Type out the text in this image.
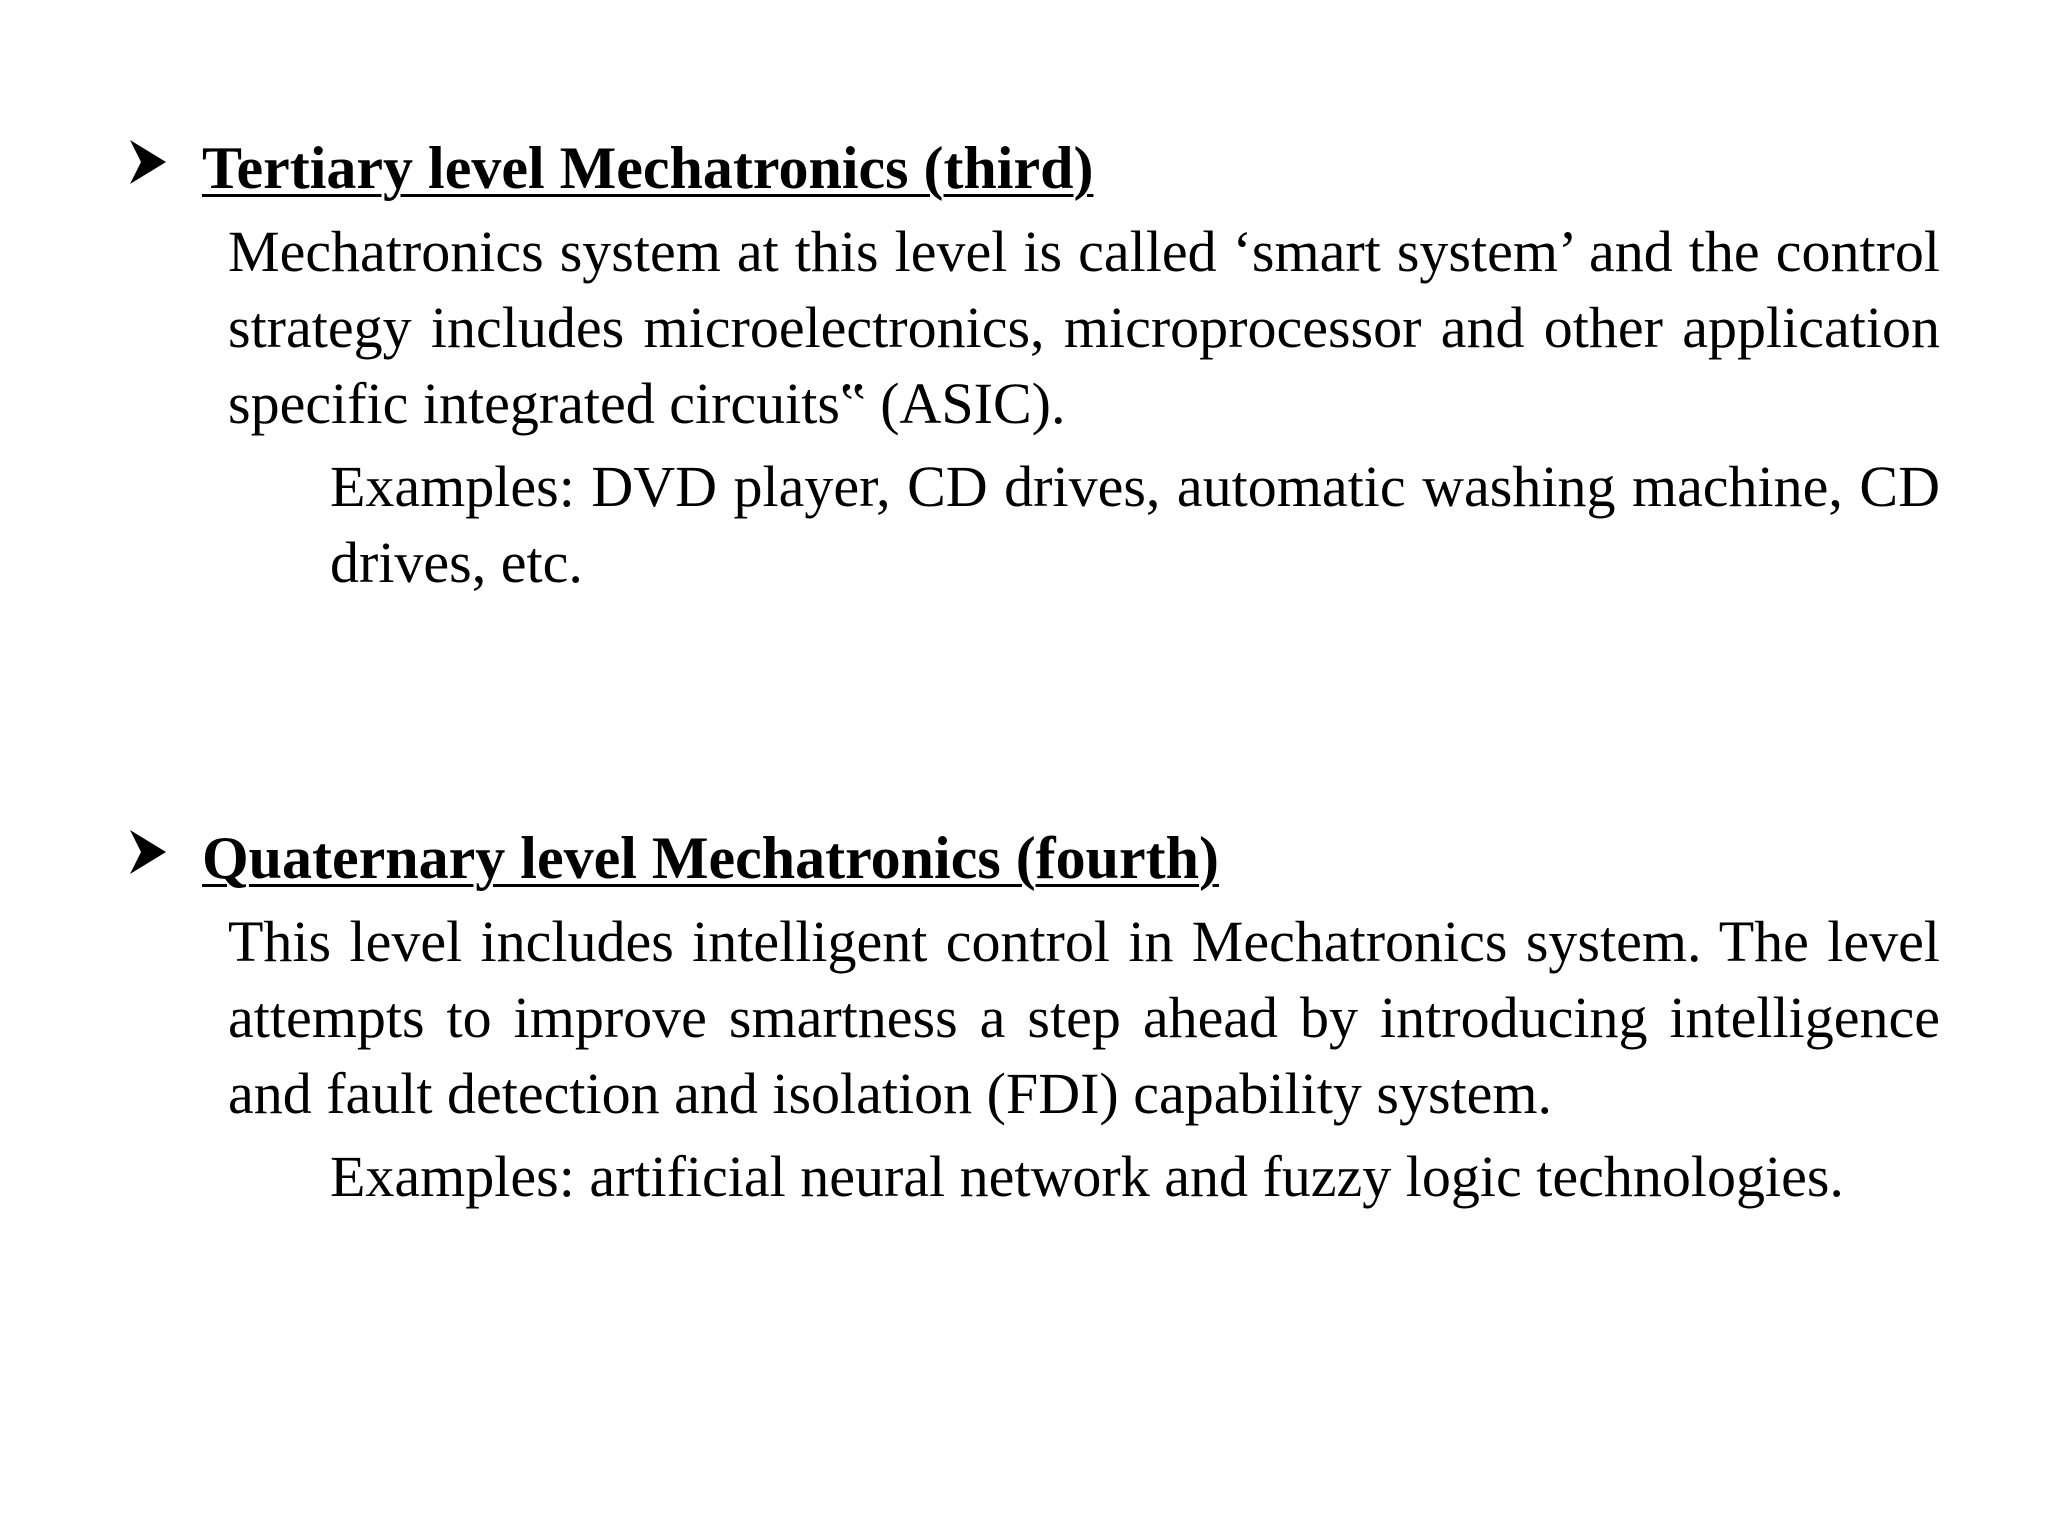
Tertiary level Mechatronics (third)
Mechatronics system at this level is called ‘smart system’ and the control strategy includes microelectronics, microprocessor and other application specific integrated circuits‟ (ASIC).
Examples: DVD player, CD drives, automatic washing machine, CD drives, etc.
Quaternary level Mechatronics (fourth)
This level includes intelligent control in Mechatronics system. The level attempts to improve smartness a step ahead by introducing intelligence and fault detection and isolation (FDI) capability system.
Examples: artificial neural network and fuzzy logic technologies.
